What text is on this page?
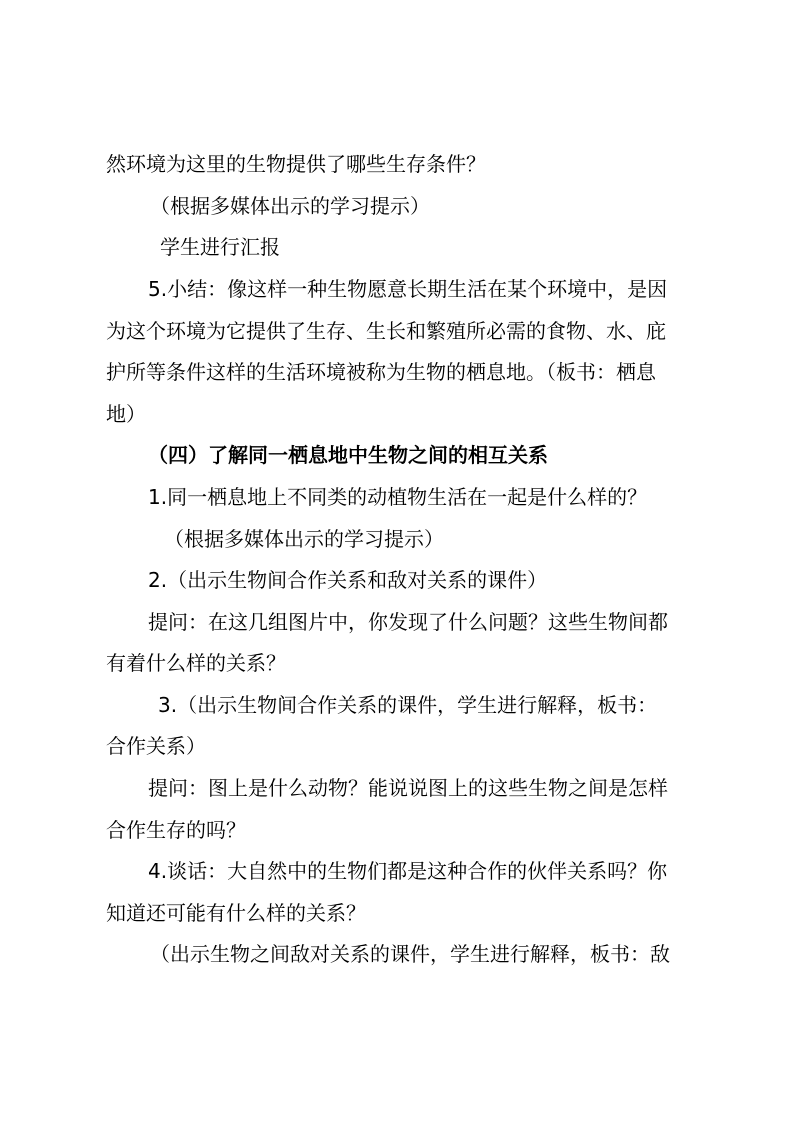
然环境为这里的生物提供了哪些生存条件？
（根据多媒体出示的学习提示）
学生进行汇报
5.小结：像这样一种生物愿意长期生活在某个环境中，是因
为这个环境为它提供了生存、生长和繁殖所必需的食物、水、庇
护所等条件这样的生活环境被称为生物的栖息地。（板书：栖息
地）
（四）了解同一栖息地中生物之间的相互关系
1.同一栖息地上不同类的动植物生活在一起是什么样的？
（根据多媒体出示的学习提示）
2.（出示生物间合作关系和敌对关系的课件）
提问：在这几组图片中，你发现了什么问题？这些生物间都
有着什么样的关系？
3.（出示生物间合作关系的课件，学生进行解释，板书：
合作关系）
提问：图上是什么动物？能说说图上的这些生物之间是怎样
合作生存的吗？
4.谈话：大自然中的生物们都是这种合作的伙伴关系吗？你
知道还可能有什么样的关系？
（出示生物之间敌对关系的课件，学生进行解释，板书：敌
